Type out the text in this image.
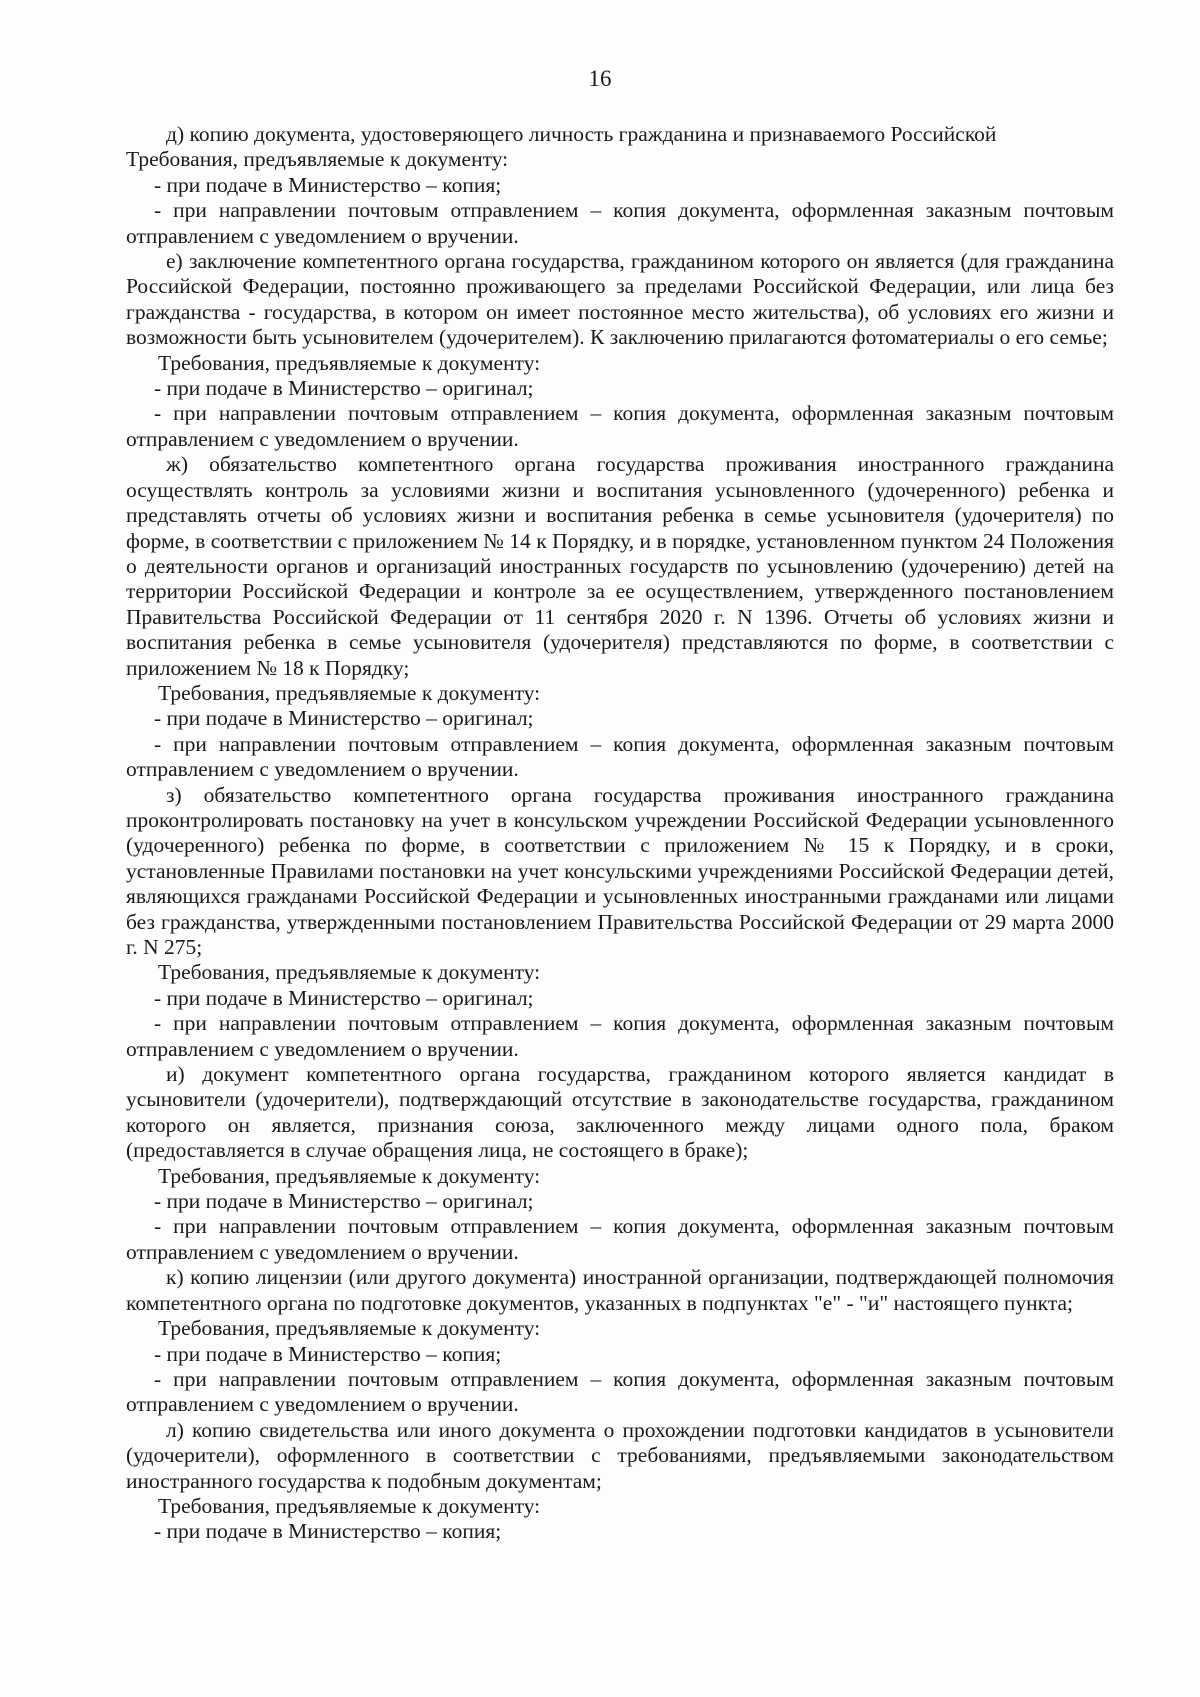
16

д) копию документа, удостоверяющего личность гражданина и признаваемого Российской

Требования, предъявляемые к документу:

- при подаче в Министерство – копия;

- при направлении почтовым отправлением – копия документа, оформленная заказным почтовым отправлением с уведомлением о вручении.

е) заключение компетентного органа государства, гражданином которого он является (для гражданина Российской Федерации, постоянно проживающего за пределами Российской Федерации, или лица без гражданства - государства, в котором он имеет постоянное место жительства), об условиях его жизни и возможности быть усыновителем (удочерителем). К заключению прилагаются фотоматериалы о его семье;

Требования, предъявляемые к документу:

- при подаче в Министерство – оригинал;

- при направлении почтовым отправлением – копия документа, оформленная заказным почтовым отправлением с уведомлением о вручении.

ж) обязательство компетентного органа государства проживания иностранного гражданина осуществлять контроль за условиями жизни и воспитания усыновленного (удочеренного) ребенка и представлять отчеты об условиях жизни и воспитания ребенка в семье усыновителя (удочерителя) по форме, в соответствии с приложением № 14 к Порядку, и в порядке, установленном пунктом 24 Положения о деятельности органов и организаций иностранных государств по усыновлению (удочерению) детей на территории Российской Федерации и контроле за ее осуществлением, утвержденного постановлением Правительства Российской Федерации от 11 сентября 2020 г. N 1396. Отчеты об условиях жизни и воспитания ребенка в семье усыновителя (удочерителя) представляются по форме, в соответствии с приложением № 18 к Порядку;

Требования, предъявляемые к документу:

- при подаче в Министерство – оригинал;

- при направлении почтовым отправлением – копия документа, оформленная заказным почтовым отправлением с уведомлением о вручении.

з) обязательство компетентного органа государства проживания иностранного гражданина проконтролировать постановку на учет в консульском учреждении Российской Федерации усыновленного (удочеренного) ребенка по форме, в соответствии с приложением № 15 к Порядку, и в сроки, установленные Правилами постановки на учет консульскими учреждениями Российской Федерации детей, являющихся гражданами Российской Федерации и усыновленных иностранными гражданами или лицами без гражданства, утвержденными постановлением Правительства Российской Федерации от 29 марта 2000 г. N 275;

Требования, предъявляемые к документу:

- при подаче в Министерство – оригинал;

- при направлении почтовым отправлением – копия документа, оформленная заказным почтовым отправлением с уведомлением о вручении.

и) документ компетентного органа государства, гражданином которого является кандидат в усыновители (удочерители), подтверждающий отсутствие в законодательстве государства, гражданином которого он является, признания союза, заключенного между лицами одного пола, браком (предоставляется в случае обращения лица, не состоящего в браке);

Требования, предъявляемые к документу:

- при подаче в Министерство – оригинал;

- при направлении почтовым отправлением – копия документа, оформленная заказным почтовым отправлением с уведомлением о вручении.

к) копию лицензии (или другого документа) иностранной организации, подтверждающей полномочия компетентного органа по подготовке документов, указанных в подпунктах "е" - "и" настоящего пункта;

Требования, предъявляемые к документу:

- при подаче в Министерство – копия;

- при направлении почтовым отправлением – копия документа, оформленная заказным почтовым отправлением с уведомлением о вручении.

л) копию свидетельства или иного документа о прохождении подготовки кандидатов в усыновители (удочерители), оформленного в соответствии с требованиями, предъявляемыми законодательством иностранного государства к подобным документам;

Требования, предъявляемые к документу:

- при подаче в Министерство – копия;
